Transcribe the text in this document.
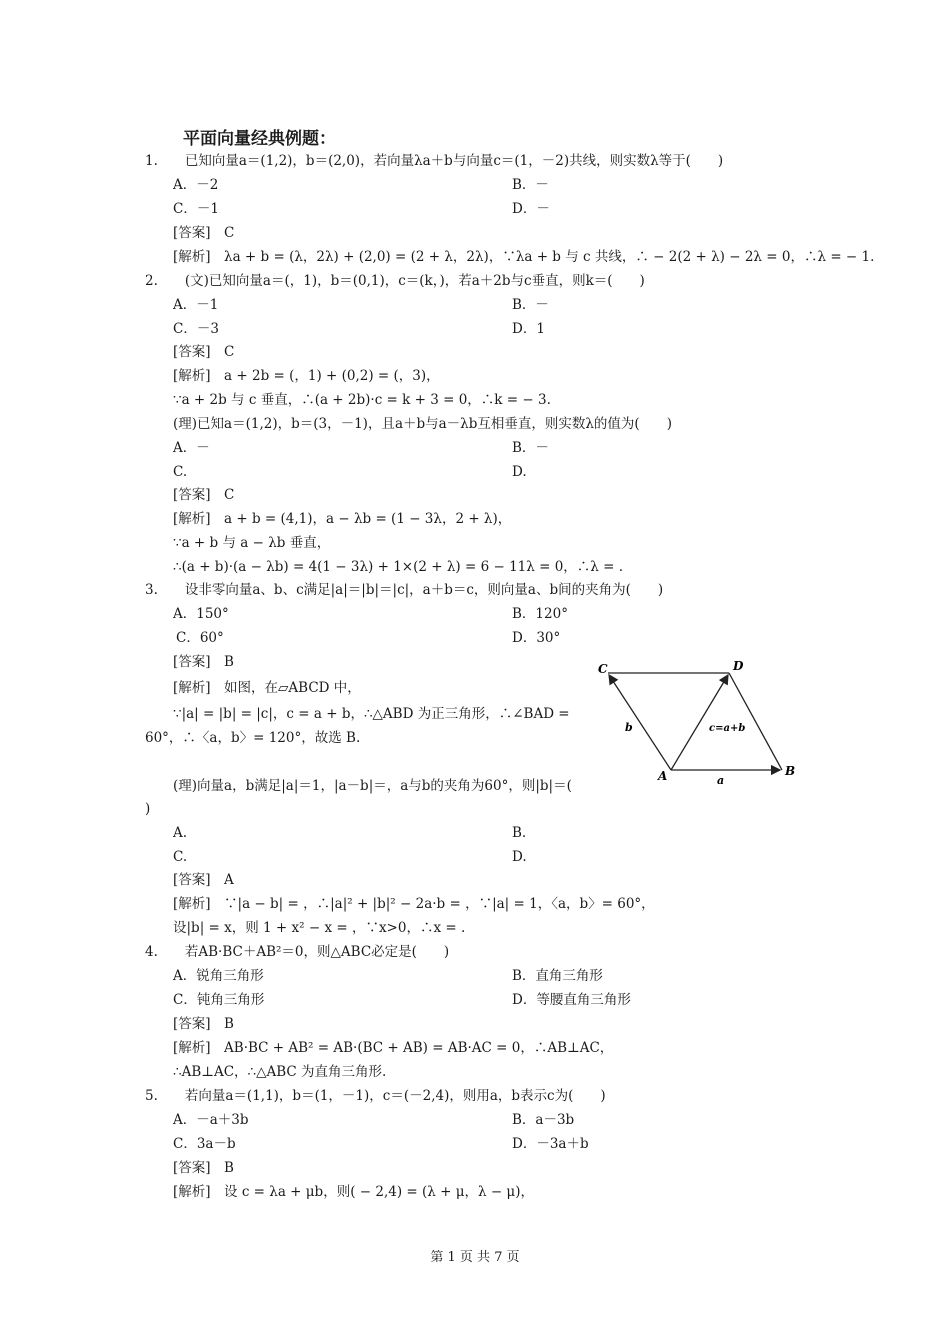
平面向量经典例题：
1.　　已知向量a＝(1,2)，b＝(2,0)，若向量λa＋b与向量c＝(1，－2)共线，则实数λ等于(　　)
A．－2	B．－
C．－1	D．－
[答案]　C
[解析]　λa + b = (λ，2λ) + (2,0) = (2 + λ，2λ)，∵λa + b 与 c 共线，∴ − 2(2 + λ) − 2λ = 0，∴λ = − 1.
2.　　(文)已知向量a＝(，1)，b＝(0,1)，c＝(k，)，若a＋2b与c垂直，则k＝(　　)
A．－1	B．－
C．－3	D．1
[答案]　C
[解析]　a + 2b = (，1) + (0,2) = (，3)，
∵a + 2b 与 c 垂直，∴(a + 2b)·c = k + 3 = 0，∴k = − 3.
(理)已知a＝(1,2)，b＝(3，－1)，且a＋b与a－λb互相垂直，则实数λ的值为(　　)
A．－	B．－
C.	D.
[答案]　C
[解析]　a + b = (4,1)，a − λb = (1 − 3λ，2 + λ)，
∵a + b 与 a − λb 垂直，
∴(a + b)·(a − λb) = 4(1 − 3λ) + 1×(2 + λ) = 6 − 11λ = 0，∴λ = .
3.　　设非零向量a、b、c满足|a|＝|b|＝|c|，a＋b＝c，则向量a、b间的夹角为(　　)
A．150°	B．120°
C．60°	D．30°
[答案]　B
[解析]　如图，在▱ABCD 中，
∵|a| = |b| = |c|，c = a + b，∴△ABD 为正三角形，∴∠BAD =
60°，∴〈a，b〉= 120°，故选 B.
(理)向量a，b满足|a|＝1，|a－b|＝，a与b的夹角为60°，则|b|＝(
)
A.	B.
C.	D.
[答案]　A
[解析]　∵|a − b| = ，∴|a|² + |b|² − 2a·b = ，∵|a| = 1，〈a，b〉= 60°，
设|b| = x，则 1 + x² − x = ，∵x>0，∴x = .
4.　　若AB·BC＋AB²＝0，则△ABC必定是(　　)
A．锐角三角形	B．直角三角形
C．钝角三角形	D．等腰直角三角形
[答案]　B
[解析]　AB·BC + AB² = AB·(BC + AB) = AB·AC = 0，∴AB⊥AC，
∴AB⊥AC，∴△ABC 为直角三角形.
5.　　若向量a＝(1,1)，b＝(1，－1)，c＝(－2,4)，则用a，b表示c为(　　)
A．－a＋3b	B．a－3b
C．3a－b	D．－3a＋b
[答案]　B
[解析]　设 c = λa + μb，则( − 2,4) = (λ + μ，λ − μ)，
C	D
A	B
b	c=a+b
a
第 1 页 共 7 页
